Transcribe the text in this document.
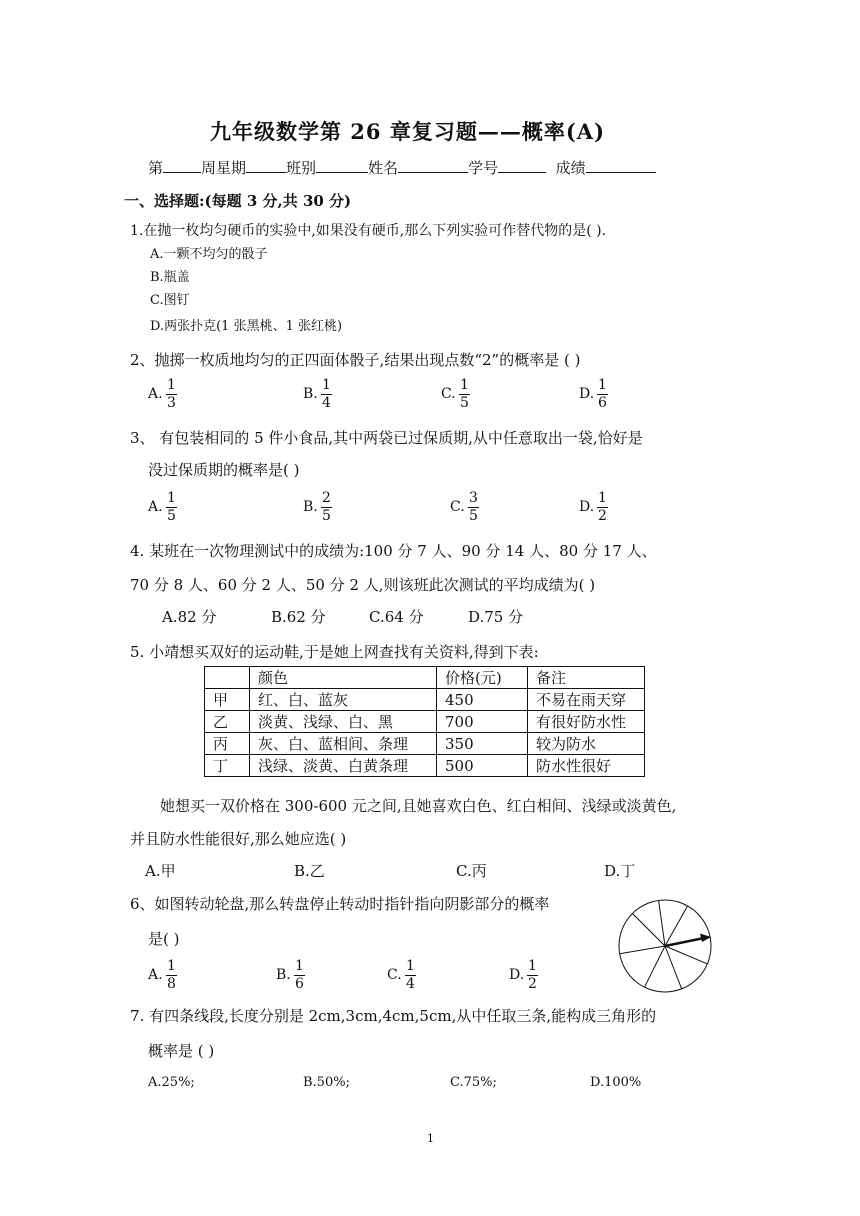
九年级数学第 26 章复习题——概率(A)
第	周星期	班别	姓名	学号	成绩
一、选择题:(每题 3 分,共 30 分)
1.在抛一枚均匀硬币的实验中,如果没有硬币,那么下列实验可作替代物的是( ).
A.一颗不均匀的骰子
B.瓶盖
C.图钉
D.两张扑克(1 张黑桃、1 张红桃)
2、抛掷一枚质地均匀的正四面体骰子,结果出现点数“2”的概率是 ( )
A. $\frac{1}{3}$	B. $\frac{1}{4}$	C. $\frac{1}{5}$	D. $\frac{1}{6}$
3、 有包装相同的 5 件小食品,其中两袋已过保质期,从中任意取出一袋,恰好是
没过保质期的概率是( )
A. $\frac{1}{5}$	B. $\frac{2}{5}$	C. $\frac{3}{5}$	D. $\frac{1}{2}$
4. 某班在一次物理测试中的成绩为:100 分 7 人、90 分 14 人、80 分 17 人、
70 分 8 人、60 分 2 人、50 分 2 人,则该班此次测试的平均成绩为( )
A.82 分	B.62 分	C.64 分	D.75 分
5. 小靖想买双好的运动鞋,于是她上网查找有关资料,得到下表:
	颜色	价格(元)	备注
甲	红、白、蓝灰	450	不易在雨天穿
乙	淡黄、浅绿、白、黑	700	有很好防水性
丙	灰、白、蓝相间、条理	350	较为防水
丁	浅绿、淡黄、白黄条理	500	防水性很好
她想买一双价格在 300-600 元之间,且她喜欢白色、红白相间、浅绿或淡黄色,
并且防水性能很好,那么她应选( )
A.甲	B.乙	C.丙	D.丁
6、如图转动轮盘,那么转盘停止转动时指针指向阴影部分的概率
是( )
A. $\frac{1}{8}$	B. $\frac{1}{6}$	C. $\frac{1}{4}$	D. $\frac{1}{2}$
7. 有四条线段,长度分别是 2cm,3cm,4cm,5cm,从中任取三条,能构成三角形的
概率是 ( )
A.25%;	B.50%;	C.75%;	D.100%
1
